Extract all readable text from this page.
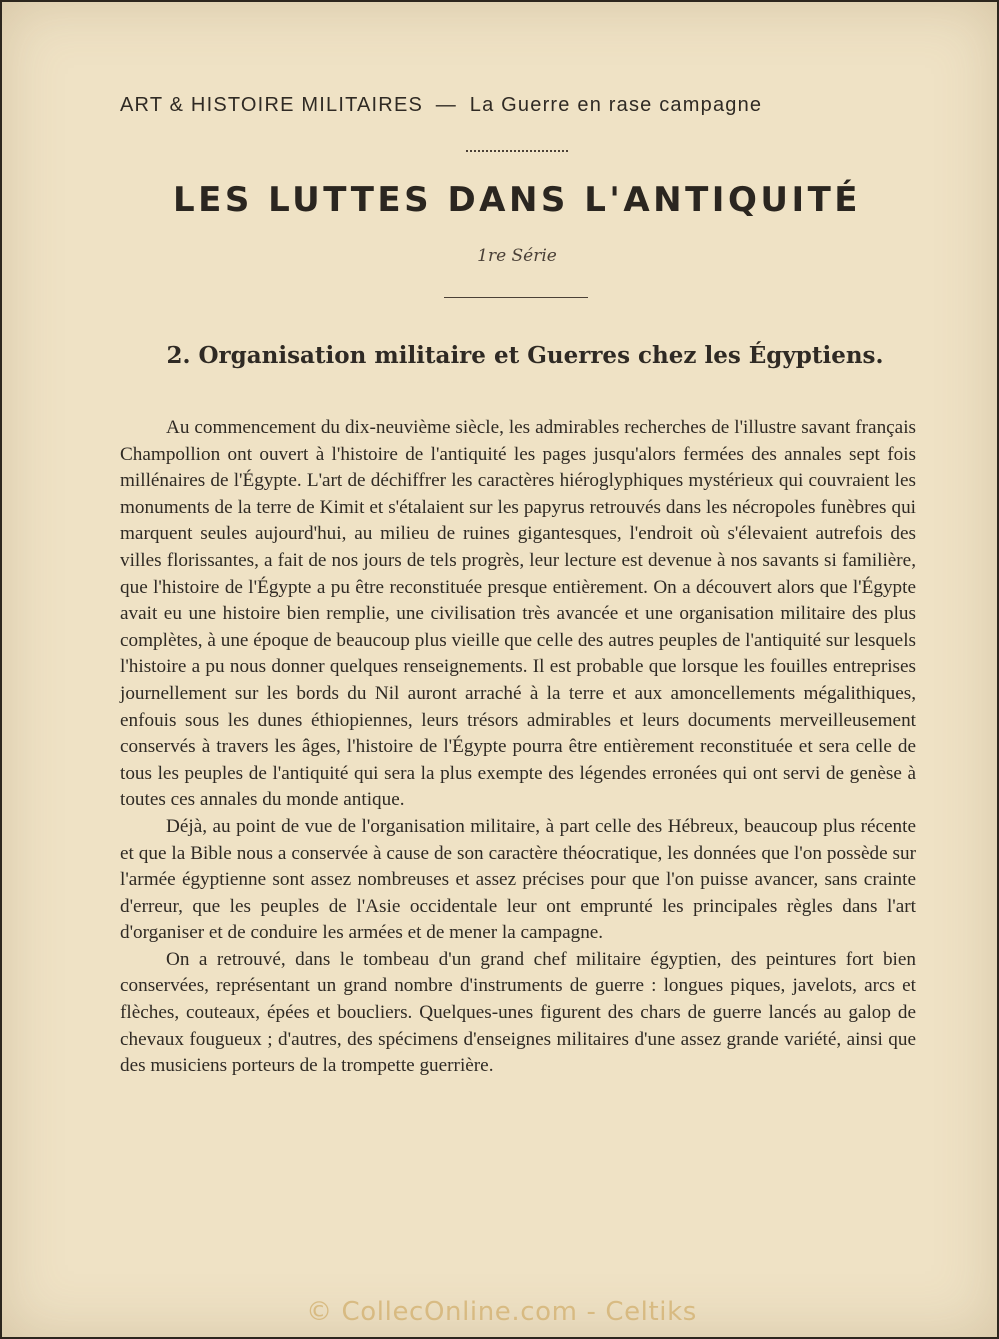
ART & HISTOIRE MILITAIRES — La Guerre en rase campagne
LES LUTTES DANS L'ANTIQUITÉ
1re Série
2. Organisation militaire et Guerres chez les Égyptiens.

Au commencement du dix-neuvième siècle, les admirables recherches de l'illustre savant français Champollion ont ouvert à l'histoire de l'antiquité les pages jusqu'alors fermées des annales sept fois millénaires de l'Égypte. L'art de déchiffrer les caractères hiéroglyphiques mystérieux qui couvraient les monuments de la terre de Kimit et s'étalaient sur les papyrus retrouvés dans les nécropoles funèbres qui marquent seules aujourd'hui, au milieu de ruines gigantesques, l'endroit où s'élevaient autrefois des villes florissantes, a fait de nos jours de tels progrès, leur lecture est devenue à nos savants si familière, que l'histoire de l'Égypte a pu être reconstituée presque entièrement. On a découvert alors que l'Égypte avait eu une histoire bien remplie, une civilisation très avancée et une organisation militaire des plus complètes, à une époque de beaucoup plus vieille que celle des autres peuples de l'antiquité sur lesquels l'histoire a pu nous donner quelques renseignements. Il est probable que lorsque les fouilles entreprises journellement sur les bords du Nil auront arraché à la terre et aux amoncellements mégalithiques, enfouis sous les dunes éthiopiennes, leurs trésors admirables et leurs documents merveilleusement conservés à travers les âges, l'histoire de l'Égypte pourra être entièrement reconstituée et sera celle de tous les peuples de l'antiquité qui sera la plus exempte des légendes erronées qui ont servi de genèse à toutes ces annales du monde antique.

Déjà, au point de vue de l'organisation militaire, à part celle des Hébreux, beaucoup plus récente et que la Bible nous a conservée à cause de son caractère théocratique, les données que l'on possède sur l'armée égyptienne sont assez nombreuses et assez précises pour que l'on puisse avancer, sans crainte d'erreur, que les peuples de l'Asie occidentale leur ont emprunté les principales règles dans l'art d'organiser et de conduire les armées et de mener la campagne.

On a retrouvé, dans le tombeau d'un grand chef militaire égyptien, des peintures fort bien conservées, représentant un grand nombre d'instruments de guerre : longues piques, javelots, arcs et flèches, couteaux, épées et boucliers. Quelques-unes figurent des chars de guerre lancés au galop de chevaux fougueux ; d'autres, des spécimens d'enseignes militaires d'une assez grande variété, ainsi que des musiciens porteurs de la trompette guerrière.

© CollecOnline.com - Celtiks
